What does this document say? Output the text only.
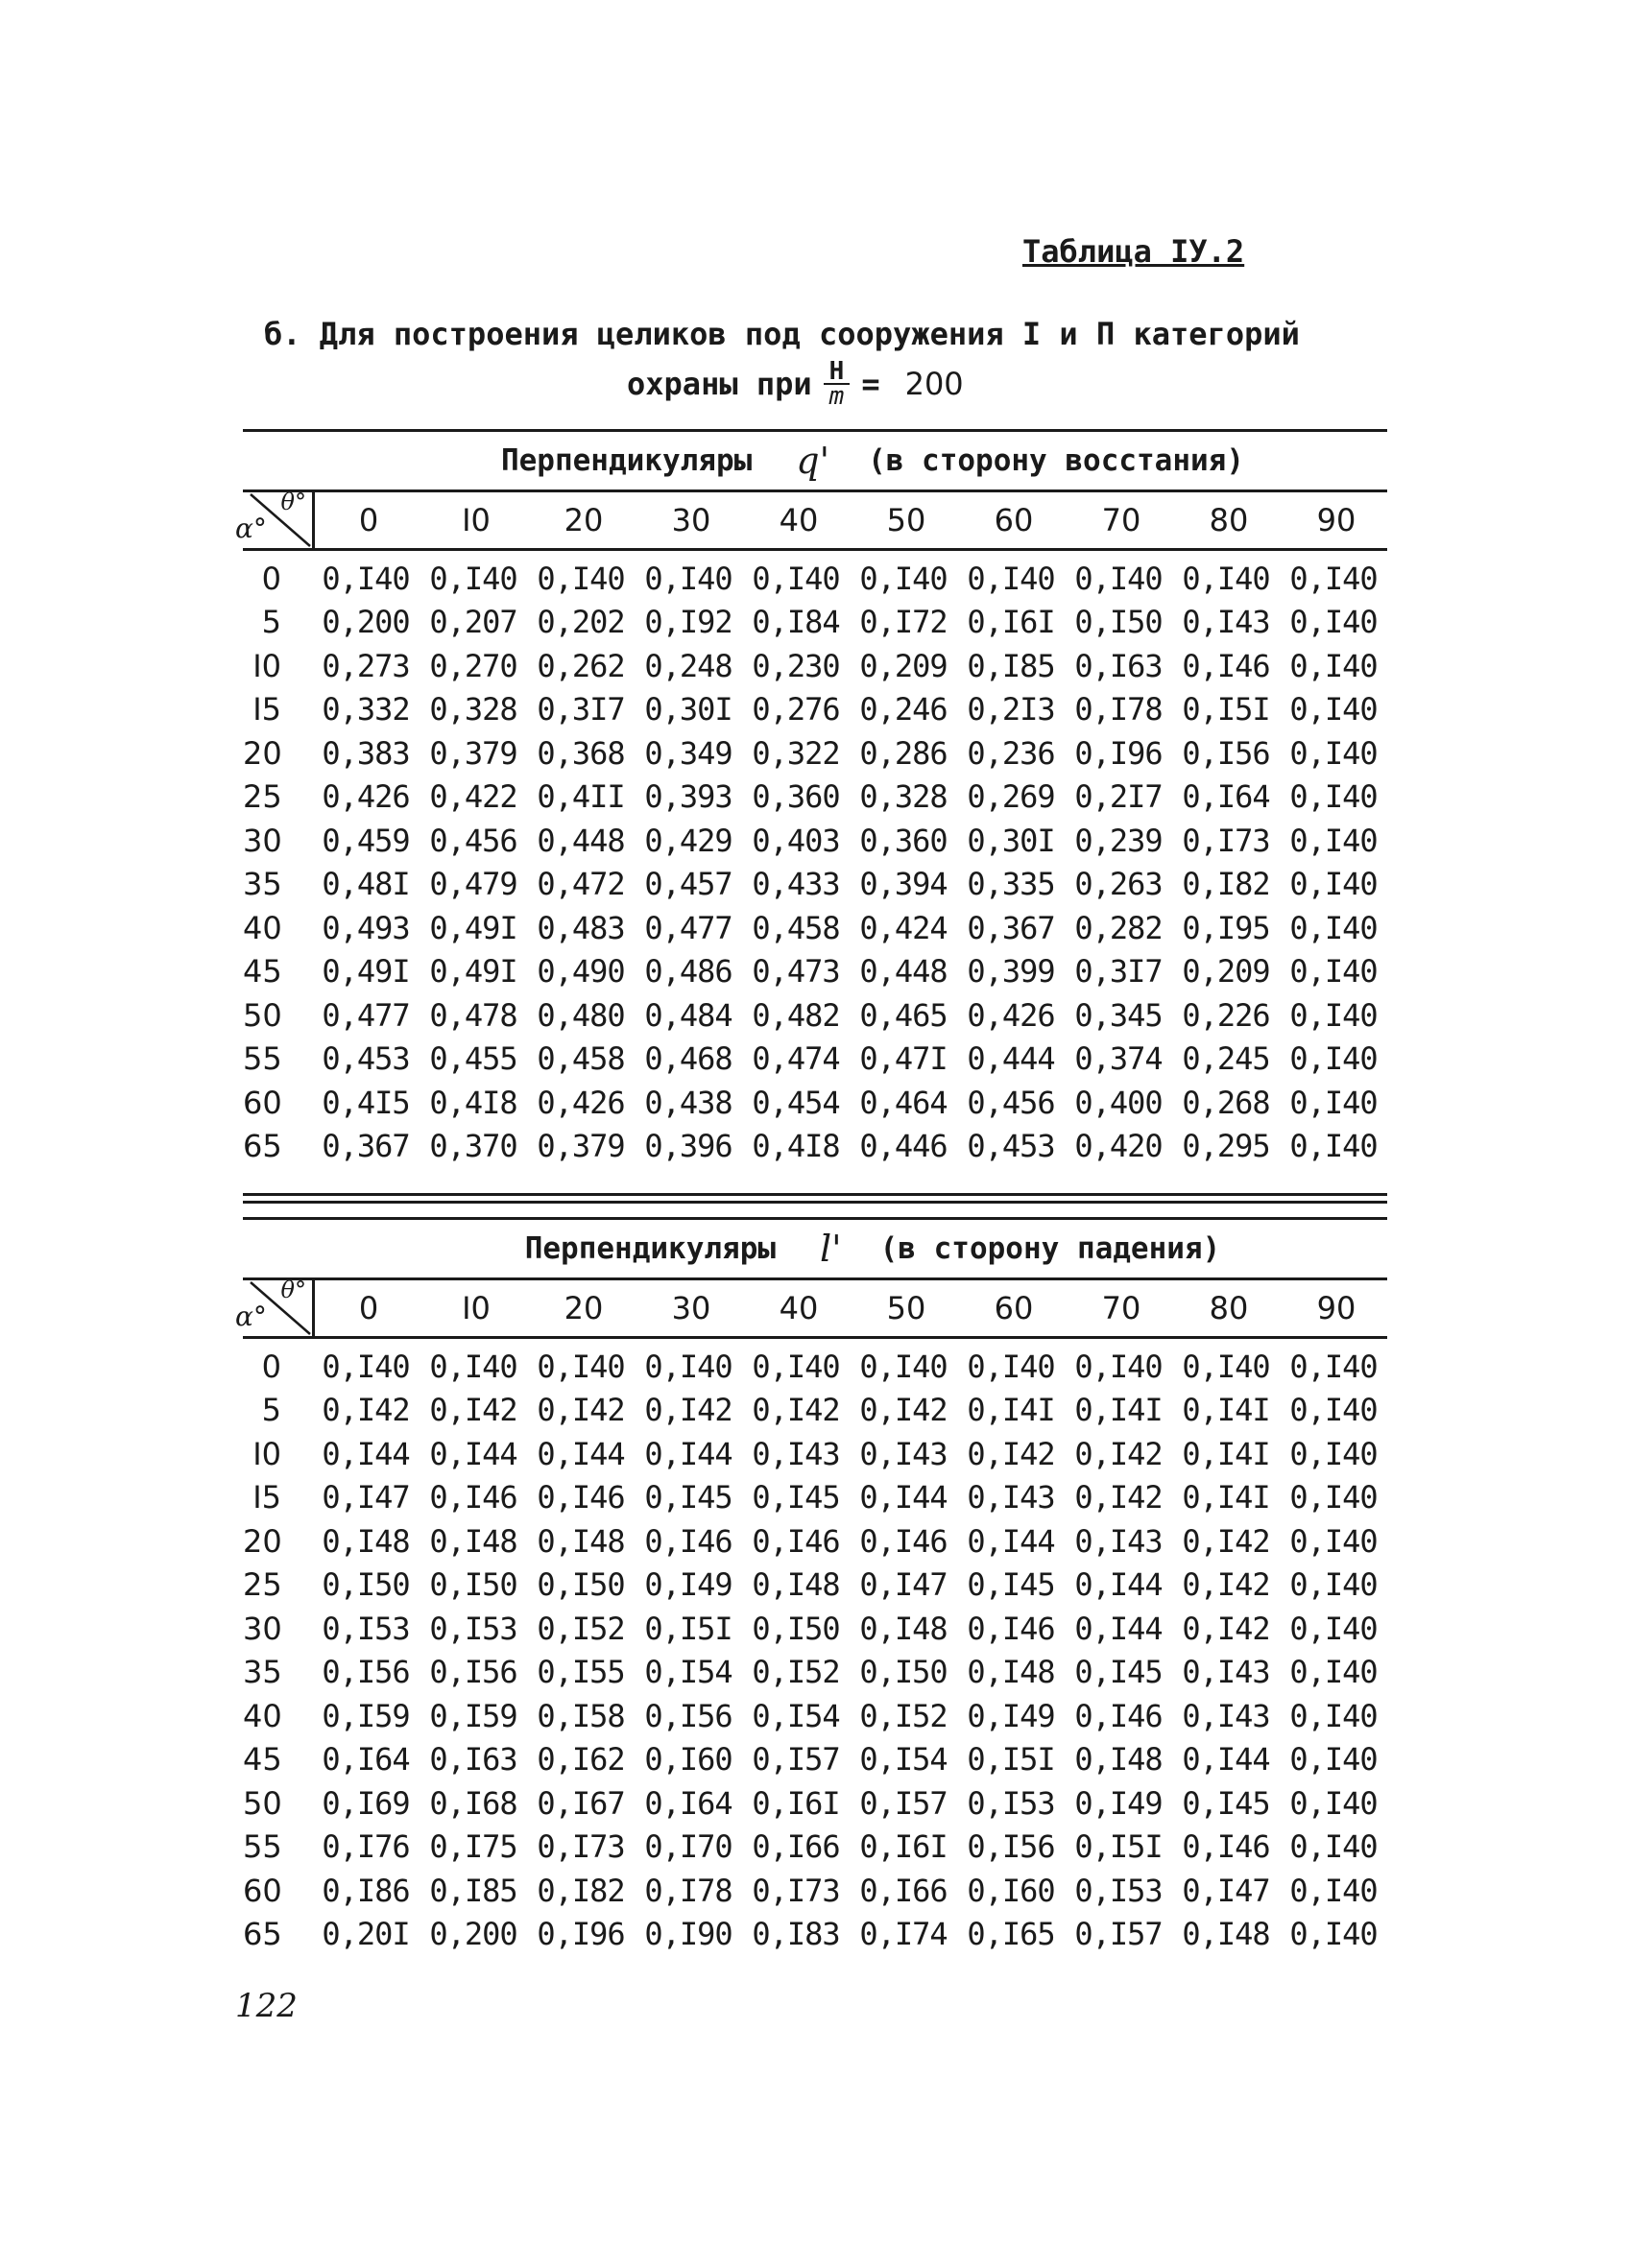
Таблица IУ.2
б. Для построения целиков под сооружения I и П категорий
охраны при $\frac{H}{m} = 200$
Перпендикуляры q' (в сторону восстания)
α°
θ°	0	I0	20	30	40	50	60	70	80	90
0	0,I40 0,I40 0,I40 0,I40 0,I40 0,I40 0,I40 0,I40 0,I40 0,I40
5	0,200 0,207 0,202 0,I92 0,I84 0,I72 0,I6I 0,I50 0,I43 0,I40
I0	0,273 0,270 0,262 0,248 0,230 0,209 0,I85 0,I63 0,I46 0,I40
I5	0,332 0,328 0,3I7 0,30I 0,276 0,246 0,2I3 0,I78 0,I5I 0,I40
20	0,383 0,379 0,368 0,349 0,322 0,286 0,236 0,I96 0,I56 0,I40
25	0,426 0,422 0,4II 0,393 0,360 0,328 0,269 0,2I7 0,I64 0,I40
30	0,459 0,456 0,448 0,429 0,403 0,360 0,30I 0,239 0,I73 0,I40
35	0,48I 0,479 0,472 0,457 0,433 0,394 0,335 0,263 0,I82 0,I40
40	0,493 0,49I 0,483 0,477 0,458 0,424 0,367 0,282 0,I95 0,I40
45	0,49I 0,49I 0,490 0,486 0,473 0,448 0,399 0,3I7 0,209 0,I40
50	0,477 0,478 0,480 0,484 0,482 0,465 0,426 0,345 0,226 0,I40
55	0,453 0,455 0,458 0,468 0,474 0,47I 0,444 0,374 0,245 0,I40
60	0,4I5 0,4I8 0,426 0,438 0,454 0,464 0,456 0,400 0,268 0,I40
65	0,367 0,370 0,379 0,396 0,4I8 0,446 0,453 0,420 0,295 0,I40
Перпендикуляры l' (в сторону падения)
α°
θ°	0	I0	20	30	40	50	60	70	80	90
0	0,I40 0,I40 0,I40 0,I40 0,I40 0,I40 0,I40 0,I40 0,I40 0,I40
5	0,I42 0,I42 0,I42 0,I42 0,I42 0,I42 0,I4I 0,I4I 0,I4I 0,I40
I0	0,I44 0,I44 0,I44 0,I44 0,I43 0,I43 0,I42 0,I42 0,I4I 0,I40
I5	0,I47 0,I46 0,I46 0,I45 0,I45 0,I44 0,I43 0,I42 0,I4I 0,I40
20	0,I48 0,I48 0,I48 0,I46 0,I46 0,I46 0,I44 0,I43 0,I42 0,I40
25	0,I50 0,I50 0,I50 0,I49 0,I48 0,I47 0,I45 0,I44 0,I42 0,I40
30	0,I53 0,I53 0,I52 0,I5I 0,I50 0,I48 0,I46 0,I44 0,I42 0,I40
35	0,I56 0,I56 0,I55 0,I54 0,I52 0,I50 0,I48 0,I45 0,I43 0,I40
40	0,I59 0,I59 0,I58 0,I56 0,I54 0,I52 0,I49 0,I46 0,I43 0,I40
45	0,I64 0,I63 0,I62 0,I60 0,I57 0,I54 0,I5I 0,I48 0,I44 0,I40
50	0,I69 0,I68 0,I67 0,I64 0,I6I 0,I57 0,I53 0,I49 0,I45 0,I40
55	0,I76 0,I75 0,I73 0,I70 0,I66 0,I6I 0,I56 0,I5I 0,I46 0,I40
60	0,I86 0,I85 0,I82 0,I78 0,I73 0,I66 0,I60 0,I53 0,I47 0,I40
65	0,20I 0,200 0,I96 0,I90 0,I83 0,I74 0,I65 0,I57 0,I48 0,I40
122
